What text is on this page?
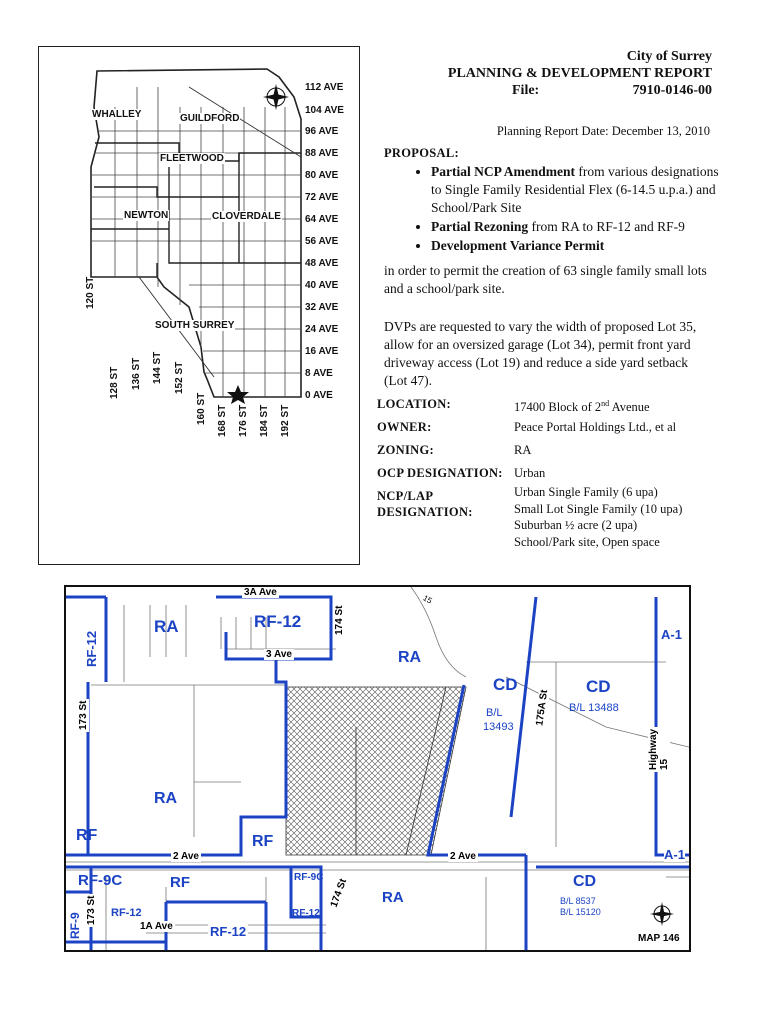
City of Surrey
PLANNING & DEVELOPMENT REPORT
File:	7910-0146-00
Planning Report Date: December 13, 2010
PROPOSAL:
• Partial NCP Amendment from various designations to Single Family Residential Flex (6-14.5 u.p.a.) and School/Park Site
• Partial Rezoning from RA to RF-12 and RF-9
• Development Variance Permit
in order to permit the creation of 63 single family small lots and a school/park site.
DVPs are requested to vary the width of proposed Lot 35, allow for an oversized garage (Lot 34), permit front yard driveway access (Lot 19) and reduce a side yard setback (Lot 47).
LOCATION:	17400 Block of 2nd Avenue
OWNER:	Peace Portal Holdings Ltd., et al
ZONING:	RA
OCP DESIGNATION: Urban
NCP/LAP
DESIGNATION:
Urban Single Family (6 upa)
Small Lot Single Family (10 upa)
Suburban ½ acre (2 upa)
School/Park site, Open space
112 AVE
104 AVE
96 AVE
88 AVE
80 AVE
72 AVE
64 AVE
56 AVE
48 AVE
40 AVE
32 AVE
24 AVE
16 AVE
8 AVE
0 AVE
120 ST
128 ST 136 ST 144 ST 152 ST
160 ST 168 ST 176 ST 184 ST 192 ST
WHALLEY	GUILDFORD
FLEETWOOD
NEWTON	CLOVERDALE
SOUTH SURREY
RA	RF-12
RF-12	A-1
RA
CD	CD
B/L
13493
B/L 13488
RA
RF	RF
RF-9C	RF	RF-9C
RF-12	RF-12
RF-9	RF-12
RA
CD
B/L 8537
B/L 15120
A-1
3A Ave
3 Ave
2 Ave	2 Ave
1A Ave
173 St
173 St
174 St
174 St
175A St
Highway 15
15
MAP 146
